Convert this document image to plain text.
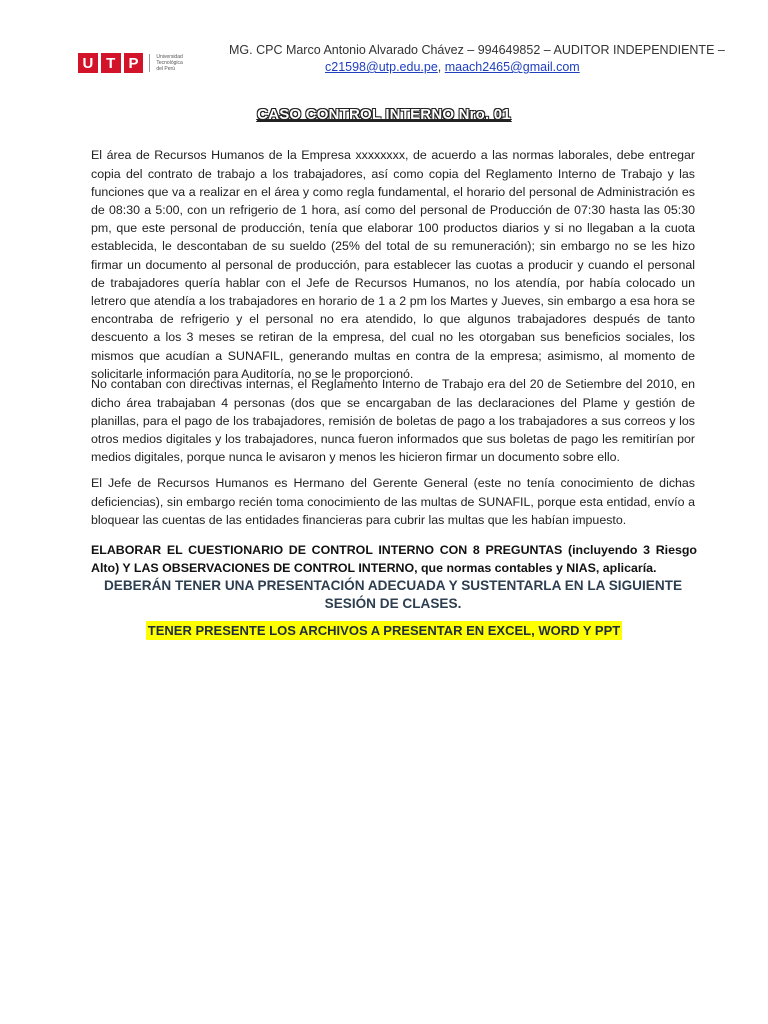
U T P	Universidad Tecnológica del Perú
MG. CPC Marco Antonio Alvarado Chávez – 994649852 – AUDITOR INDEPENDIENTE –
c21598@utp.edu.pe, maach2465@gmail.com
CASO CONTROL INTERNO Nro. 01

El área de Recursos Humanos de la Empresa xxxxxxxx, de acuerdo a las normas laborales, debe entregar copia del contrato de trabajo a los trabajadores, así como copia del Reglamento Interno de Trabajo y las funciones que va a realizar en el área y como regla fundamental, el horario del personal de Administración es de 08:30 a 5:00, con un refrigerio de 1 hora, así como del personal de Producción de 07:30 hasta las 05:30 pm, que este personal de producción, tenía que elaborar 100 productos diarios y si no llegaban a la cuota establecida, le descontaban de su sueldo (25% del total de su remuneración); sin embargo no se les hizo firmar un documento al personal de producción, para establecer las cuotas a producir y cuando el personal de trabajadores quería hablar con el Jefe de Recursos Humanos, no los atendía, por había colocado un letrero que atendía a los trabajadores en horario de 1 a 2 pm los Martes y Jueves, sin embargo a esa hora se encontraba de refrigerio y el personal no era atendido, lo que algunos trabajadores después de tanto descuento a los 3 meses se retiran de la empresa, del cual no les otorgaban sus beneficios sociales, los mismos que acudían a SUNAFIL, generando multas en contra de la empresa; asimismo, al momento de solicitarle información para Auditoría, no se le proporcionó.

No contaban con directivas internas, el Reglamento Interno de Trabajo era del 20 de Setiembre del 2010, en dicho área trabajaban 4 personas (dos que se encargaban de las declaraciones del Plame y gestión de planillas, para el pago de los trabajadores, remisión de boletas de pago a los trabajadores a sus correos y los otros medios digitales y los trabajadores, nunca fueron informados que sus boletas de pago les remitirían por medios digitales, porque nunca le avisaron y menos les hicieron firmar un documento sobre ello.

El Jefe de Recursos Humanos es Hermano del Gerente General (este no tenía conocimiento de dichas deficiencias), sin embargo recién toma conocimiento de las multas de SUNAFIL, porque esta entidad, envío a bloquear las cuentas de las entidades financieras para cubrir las multas que les habían impuesto.

ELABORAR EL CUESTIONARIO DE CONTROL INTERNO CON 8 PREGUNTAS (incluyendo 3 Riesgo Alto) Y LAS OBSERVACIONES DE CONTROL INTERNO, que normas contables y NIAS, aplicaría.

DEBERÁN TENER UNA PRESENTACIÓN ADECUADA Y SUSTENTARLA EN LA SIGUIENTE SESIÓN DE CLASES.
TENER PRESENTE LOS ARCHIVOS A PRESENTAR EN EXCEL, WORD Y PPT
